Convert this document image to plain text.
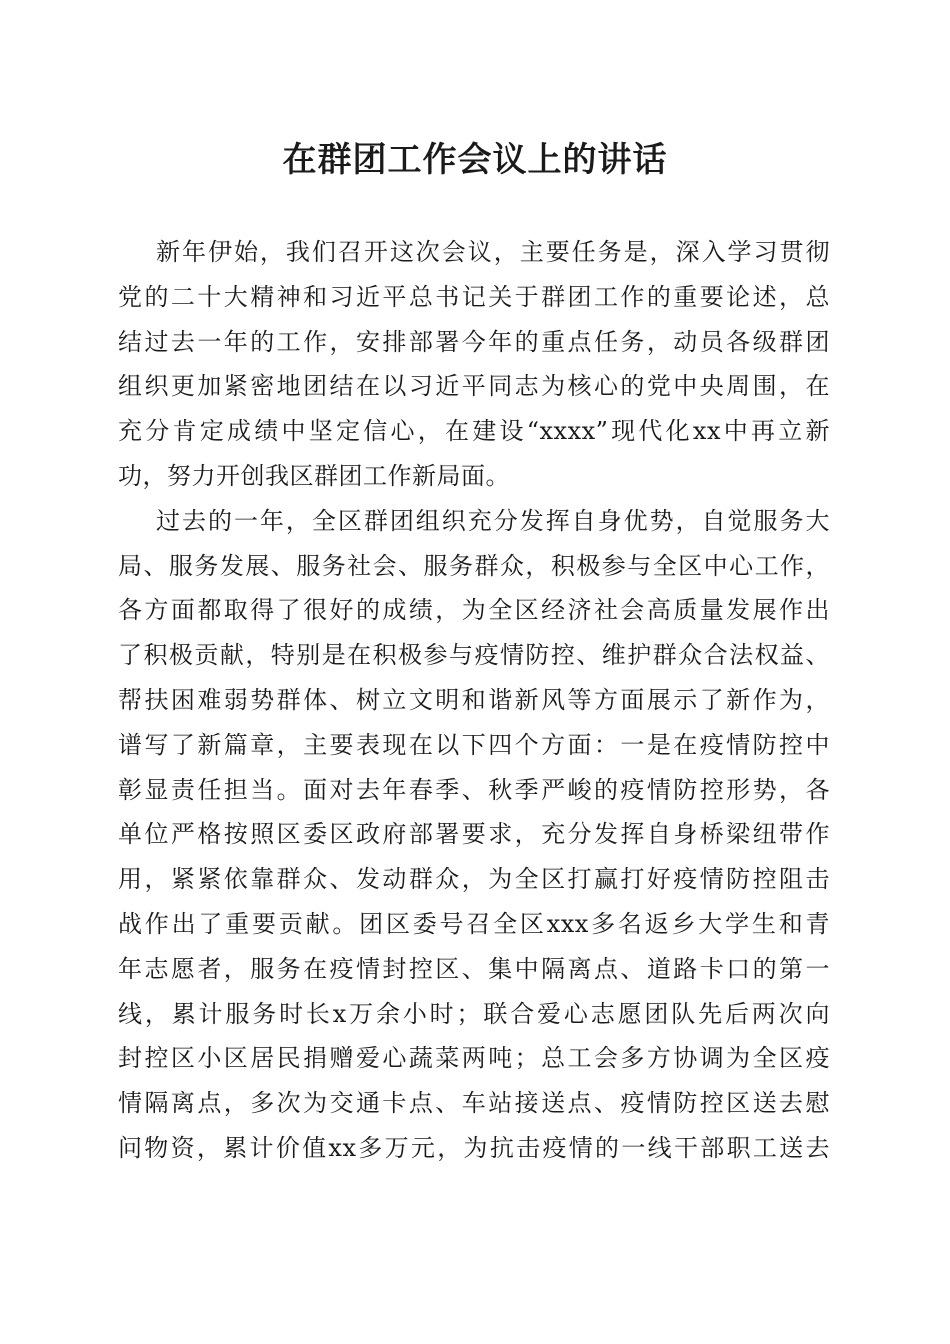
在群团工作会议上的讲话
新年伊始，我们召开这次会议，主要任务是，深入学习贯彻
党的二十大精神和习近平总书记关于群团工作的重要论述，总
结过去一年的工作，安排部署今年的重点任务，动员各级群团
组织更加紧密地团结在以习近平同志为核心的党中央周围，在
充分肯定成绩中坚定信心，在建设“xxxx”现代化xx中再立新
功，努力开创我区群团工作新局面。
过去的一年，全区群团组织充分发挥自身优势，自觉服务大
局、服务发展、服务社会、服务群众，积极参与全区中心工作，
各方面都取得了很好的成绩，为全区经济社会高质量发展作出
了积极贡献，特别是在积极参与疫情防控、维护群众合法权益、
帮扶困难弱势群体、树立文明和谐新风等方面展示了新作为，
谱写了新篇章，主要表现在以下四个方面：一是在疫情防控中
彰显责任担当。面对去年春季、秋季严峻的疫情防控形势，各
单位严格按照区委区政府部署要求，充分发挥自身桥梁纽带作
用，紧紧依靠群众、发动群众，为全区打赢打好疫情防控阻击
战作出了重要贡献。团区委号召全区xxx多名返乡大学生和青
年志愿者，服务在疫情封控区、集中隔离点、道路卡口的第一
线，累计服务时长x万余小时；联合爱心志愿团队先后两次向
封控区小区居民捐赠爱心蔬菜两吨；总工会多方协调为全区疫
情隔离点，多次为交通卡点、车站接送点、疫情防控区送去慰
问物资，累计价值xx多万元，为抗击疫情的一线干部职工送去
